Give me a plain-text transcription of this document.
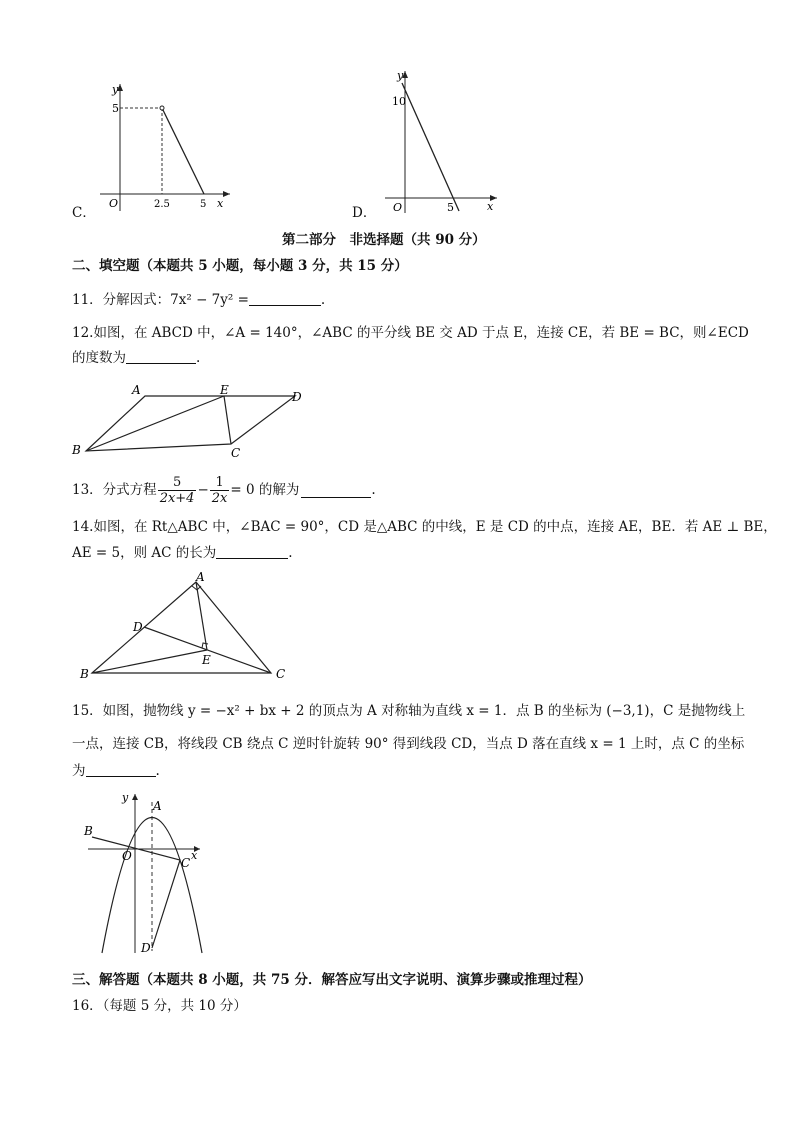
C．
y
5
O	2.5	5 x
D．
y
10
O	5	x
第二部分　非选择题（共 90 分）
二、填空题（本题共 5 小题，每小题 3 分，共 15 分）
11．分解因式：7x² − 7y² =	.
12.如图，在 ABCD 中，∠A = 140°，∠ABC 的平分线 BE 交 AD 于点 E，连接 CE，若 BE = BC，则∠ECD
的度数为	.
A	E	D
B	C
13．分式方程 $\frac{5}{2x+4} - \frac{1}{2x} = 0$ 的解为	.
14.如图，在 Rt△ABC 中，∠BAC = 90°，CD 是△ABC 的中线，E 是 CD 的中点，连接 AE，BE．若 AE ⊥ BE，
AE = 5，则 AC 的长为	.
A
D
E
B	C
15．如图，抛物线 y = −x² + bx + 2 的顶点为 A 对称轴为直线 x = 1．点 B 的坐标为 (−3,1)，C 是抛物线上
一点，连接 CB，将线段 CB 绕点 C 逆时针旋转 90° 得到线段 CD，当点 D 落在直线 x = 1 上时，点 C 的坐标
为	.
y
A
B
O	C
x
D
三、解答题（本题共 8 小题，共 75 分．解答应写出文字说明、演算步骤或推理过程）
16．（每题 5 分，共 10 分）
